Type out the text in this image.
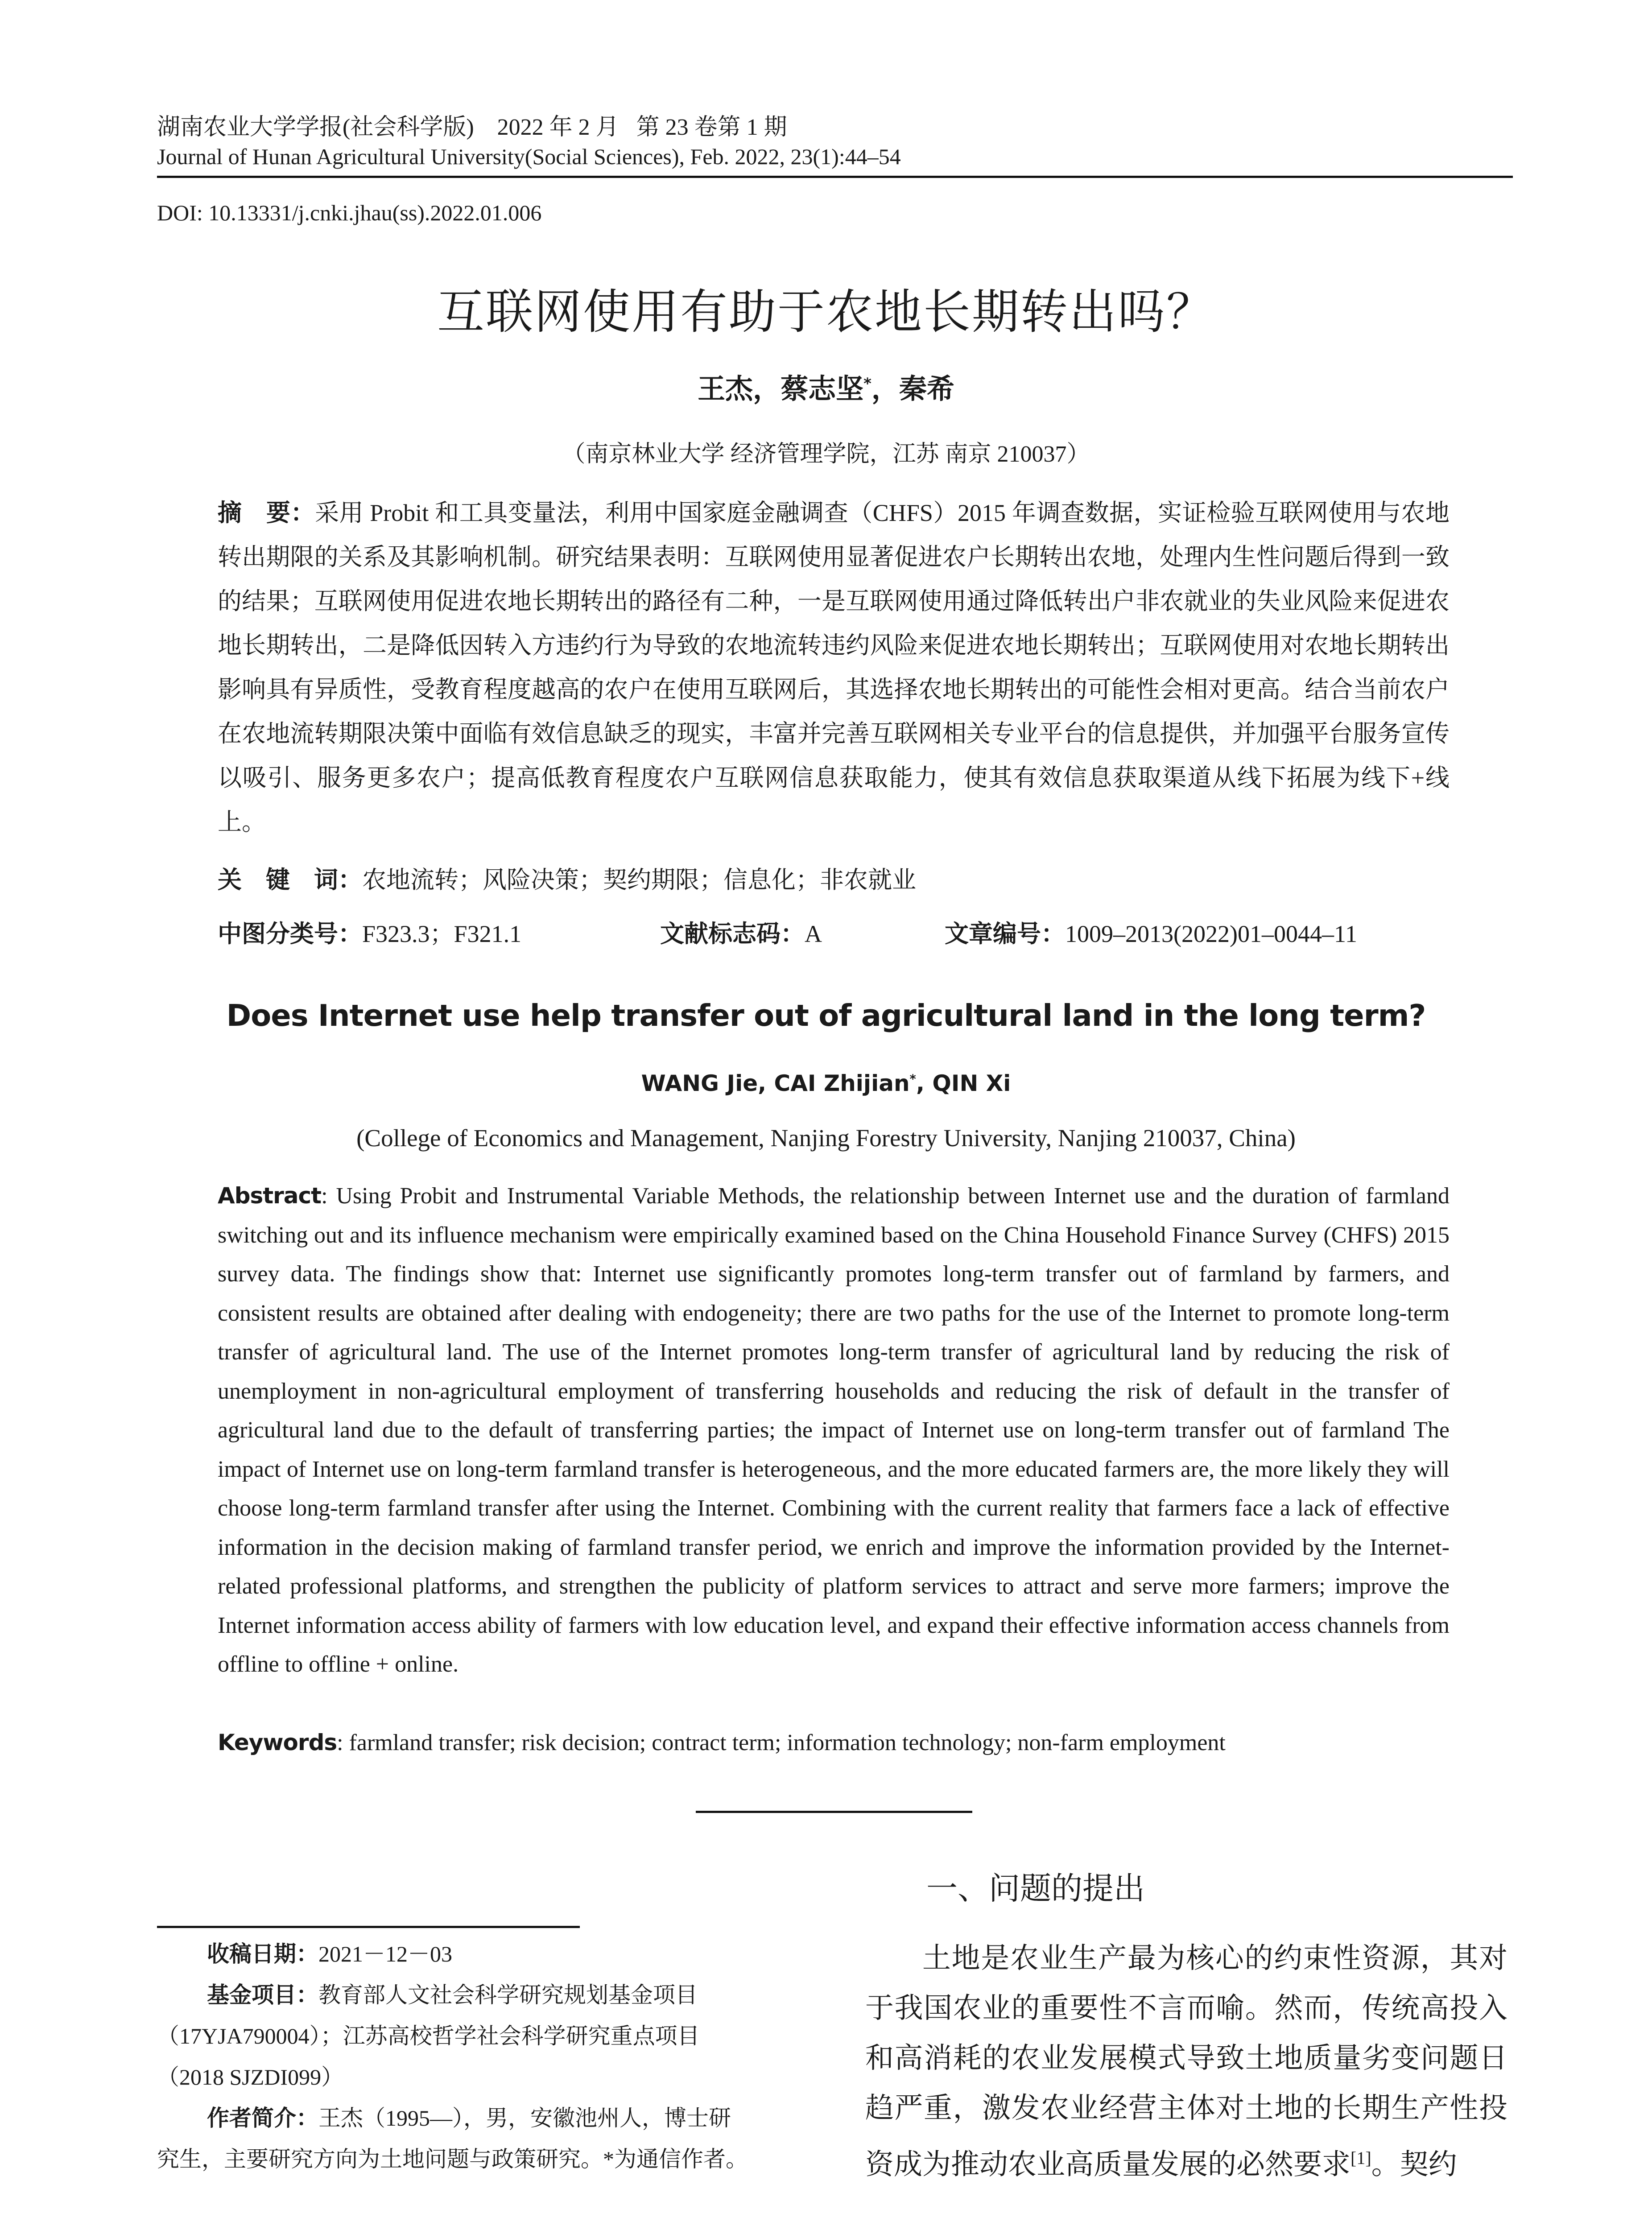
湖南农业大学学报(社会科学版)    2022 年 2 月   第 23 卷第 1 期
Journal of Hunan Agricultural University(Social Sciences), Feb. 2022, 23(1):44–54
DOI: 10.13331/j.cnki.jhau(ss).2022.01.006
互联网使用有助于农地长期转出吗？
王杰，蔡志坚*，秦希
（南京林业大学 经济管理学院，江苏 南京 210037）
摘　要：采用 Probit 和工具变量法，利用中国家庭金融调查（CHFS）2015 年调查数据，实证检验互联网使用与农地转出期限的关系及其影响机制。研究结果表明：互联网使用显著促进农户长期转出农地，处理内生性问题后得到一致的结果；互联网使用促进农地长期转出的路径有二种，一是互联网使用通过降低转出户非农就业的失业风险来促进农地长期转出，二是降低因转入方违约行为导致的农地流转违约风险来促进农地长期转出；互联网使用对农地长期转出影响具有异质性，受教育程度越高的农户在使用互联网后，其选择农地长期转出的可能性会相对更高。结合当前农户在农地流转期限决策中面临有效信息缺乏的现实，丰富并完善互联网相关专业平台的信息提供，并加强平台服务宣传以吸引、服务更多农户；提高低教育程度农户互联网信息获取能力，使其有效信息获取渠道从线下拓展为线下+线上。
关　键　词：农地流转；风险决策；契约期限；信息化；非农就业
中图分类号：F323.3；F321.1	文献标志码：A	文章编号：1009–2013(2022)01–0044–11
Does Internet use help transfer out of agricultural land in the long term?
WANG Jie, CAI Zhijian*, QIN Xi
(College of Economics and Management, Nanjing Forestry University, Nanjing 210037, China)
Abstract: Using Probit and Instrumental Variable Methods, the relationship between Internet use and the duration of farmland switching out and its influence mechanism were empirically examined based on the China Household Finance Survey (CHFS) 2015 survey data. The findings show that: Internet use significantly promotes long-term transfer out of farmland by farmers, and consistent results are obtained after dealing with endogeneity; there are two paths for the use of the Internet to promote long-term transfer of agricultural land. The use of the Internet promotes long-term transfer of agricultural land by reducing the risk of unemployment in non-agricultural employment of transferring households and reducing the risk of default in the transfer of agricultural land due to the default of transferring parties; the impact of Internet use on long-term transfer out of farmland The impact of Internet use on long-term farmland transfer is heterogeneous, and the more educated farmers are, the more likely they will choose long-term farmland transfer after using the Internet. Combining with the current reality that farmers face a lack of effective information in the decision making of farmland transfer period, we enrich and improve the information provided by the Internet-related professional platforms, and strengthen the publicity of platform services to attract and serve more farmers; improve the Internet information access ability of farmers with low education level, and expand their effective information access channels from offline to offline + online.
Keywords: farmland transfer; risk decision; contract term; information technology; non-farm employment

收稿日期：2021－12－03

基金项目：教育部人文社会科学研究规划基金项目

（17YJA790004）；江苏高校哲学社会科学研究重点项目

（2018 SJZDI099）

作者简介：王杰（1995—），男，安徽池州人，博士研

究生，主要研究方向为土地问题与政策研究。*为通信作者。

一、问题的提出

土地是农业生产最为核心的约束性资源，其对于我国农业的重要性不言而喻。然而，传统高投入和高消耗的农业发展模式导致土地质量劣变问题日趋严重，激发农业经营主体对土地的长期生产性投资成为推动农业高质量发展的必然要求[1]。契约
